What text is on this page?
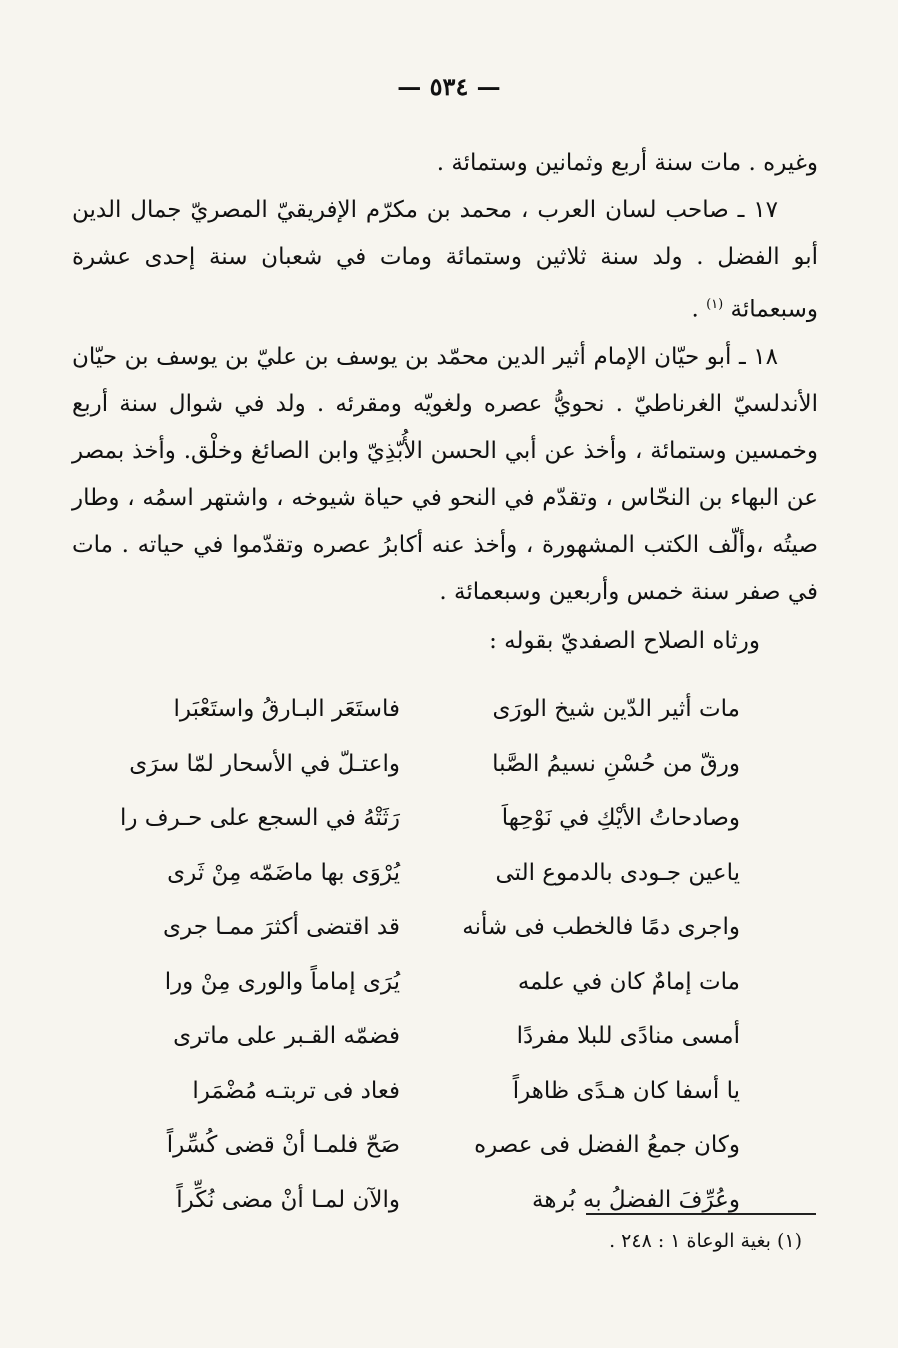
— ٥٣٤ —

وغيره . مات سنة أربع وثمانين وستمائة .

١٧ ـ صاحب لسان العرب ، محمد بن مكرّم الإفريقيّ المصريّ جمال الدين أبو الفضل . ولد سنة ثلاثين وستمائة ومات في شعبان سنة إحدى عشرة وسبعمائة $^{(١)}$ .

١٨ ـ أبو حيّان الإمام أثير الدين محمّد بن يوسف بن عليّ بن يوسف بن حيّان الأندلسيّ الغرناطيّ . نحويُّ عصره ولغويّه ومقرئه . ولد في شوال سنة أربع وخمسين وستمائة ، وأخذ عن أبي الحسن الأُبّذِيّ وابن الصائغ وخلْق. وأخذ بمصر عن البهاء بن النحّاس ، وتقدّم في النحو في حياة شيوخه ، واشتهر اسمُه ، وطار صيتُه ،وألّف الكتب المشهورة ، وأخذ عنه أكابرُ عصره وتقدّموا في حياته . مات في صفر سنة خمس وأربعين وسبعمائة .

ورثاه الصلاح الصفديّ بقوله :

مات أثير الدّين شيخ الورَى
فاستَعَر البـارقُ واستَعْبَرا
ورقّ من حُسْنِ نسيمُ الصَّبا
واعتـلّ في الأسحار لمّا سرَى
وصادحاتُ الأيْكِ في نَوْحِهاَ
رَثَتْهُ في السجع على حـرف را
ياعين جـودى بالدموع التى
يُرْوَى بها ماضَمّه مِنْ ثَرى
واجرى دمًا فالخطب فى شأنه
قد اقتضى أكثرَ ممـا جرى
مات إمامٌ كان في علمه
يُرَى إماماً والورى مِنْ ورا
أمسى منادًى للبلا مفردًا
فضمّه القـبر على ماترى
يا أسفا كان هـدًى ظاهراً
فعاد فى تربتـه مُضْمَرا
وكان جمعُ الفضل فى عصره
صَحّ فلمـا أنْ قضى كُسِّراً
وعُرِّفَ الفضلُ به بُرهة
والآن لمـا أنْ مضى نُكِّراً
(١) بغية الوعاة ١ : ٢٤٨ .
